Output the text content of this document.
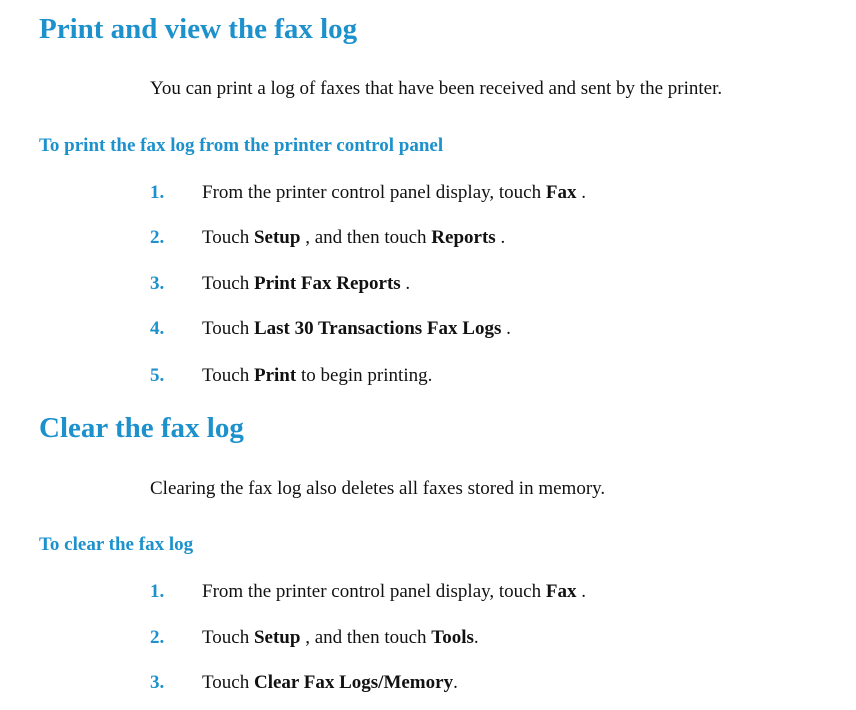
Print and view the fax log

You can print a log of faxes that have been received and sent by the printer.

To print the fax log from the printer control panel
1. From the printer control panel display, touch Fax .
2. Touch Setup , and then touch Reports .
3. Touch Print Fax Reports .
4. Touch Last 30 Transactions Fax Logs .
5. Touch Print to begin printing.
Clear the fax log

Clearing the fax log also deletes all faxes stored in memory.

To clear the fax log
1. From the printer control panel display, touch Fax .
2. Touch Setup , and then touch Tools.
3. Touch Clear Fax Logs/Memory.
